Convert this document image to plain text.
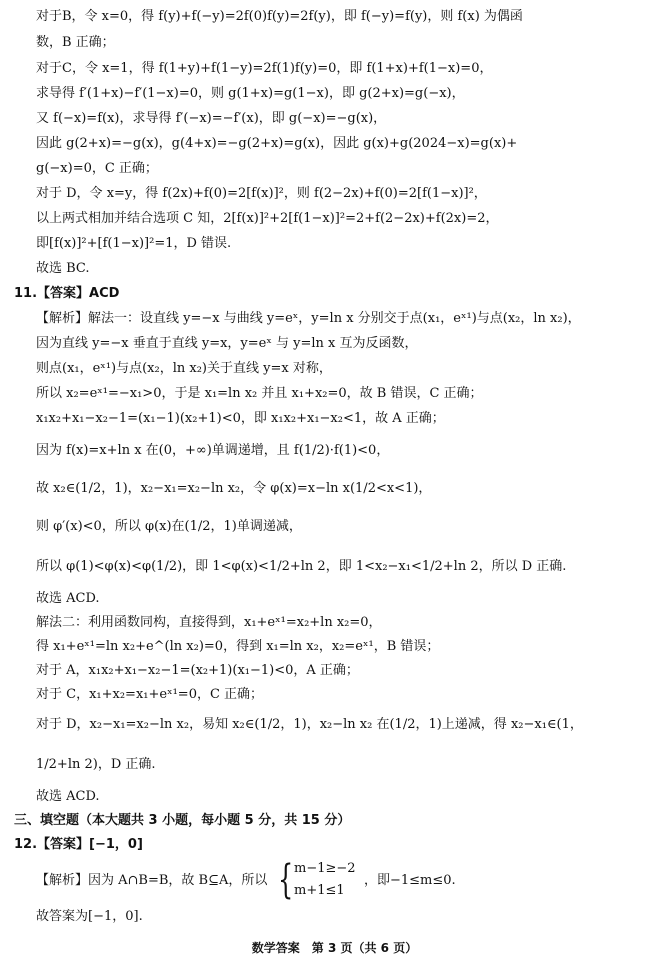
对于B，令 x=0，得 f(y)+f(−y)=2f(0)f(y)=2f(y)，即 f(−y)=f(y)，则 f(x) 为偶函
数，B 正确；
对于C，令 x=1，得 f(1+y)+f(1−y)=2f(1)f(y)=0，即 f(1+x)+f(1−x)=0，
求导得 f′(1+x)−f′(1−x)=0，则 g(1+x)=g(1−x)，即 g(2+x)=g(−x)，
又 f(−x)=f(x)，求导得 f′(−x)=−f′(x)，即 g(−x)=−g(x)，
因此 g(2+x)=−g(x)，g(4+x)=−g(2+x)=g(x)，因此 g(x)+g(2024−x)=g(x)+
g(−x)=0，C 正确；
对于 D，令 x=y，得 f(2x)+f(0)=2[f(x)]²，则 f(2−2x)+f(0)=2[f(1−x)]²，
以上两式相加并结合选项 C 知，2[f(x)]²+2[f(1−x)]²=2+f(2−2x)+f(2x)=2，
即[f(x)]²+[f(1−x)]²=1，D 错误.
故选 BC.
11.【答案】ACD
【解析】解法一：设直线 y=−x 与曲线 y=eˣ，y=ln x 分别交于点(x₁，eˣ¹)与点(x₂，ln x₂)，
因为直线 y=−x 垂直于直线 y=x，y=eˣ 与 y=ln x 互为反函数，
则点(x₁，eˣ¹)与点(x₂，ln x₂)关于直线 y=x 对称，
所以 x₂=eˣ¹=−x₁>0，于是 x₁=ln x₂ 并且 x₁+x₂=0，故 B 错误，C 正确；
x₁x₂+x₁−x₂−1=(x₁−1)(x₂+1)<0，即 x₁x₂+x₁−x₂<1，故 A 正确；
因为 f(x)=x+ln x 在(0，+∞)单调递增，且 f(1/2)·f(1)<0，
故 x₂∈(1/2，1)，x₂−x₁=x₂−ln x₂，令 φ(x)=x−ln x(1/2<x<1)，
则 φ′(x)<0，所以 φ(x)在(1/2，1)单调递减，
所以 φ(1)<φ(x)<φ(1/2)，即 1<φ(x)<1/2+ln 2，即 1<x₂−x₁<1/2+ln 2，所以 D 正确.
故选 ACD.
解法二：利用函数同构，直接得到，x₁+eˣ¹=x₂+ln x₂=0，
得 x₁+eˣ¹=ln x₂+e^(ln x₂)=0，得到 x₁=ln x₂，x₂=eˣ¹，B 错误；
对于 A，x₁x₂+x₁−x₂−1=(x₂+1)(x₁−1)<0，A 正确；
对于 C，x₁+x₂=x₁+eˣ¹=0，C 正确；
对于 D，x₂−x₁=x₂−ln x₂，易知 x₂∈(1/2，1)，x₂−ln x₂ 在(1/2，1)上递减，得 x₂−x₁∈(1，
1/2+ln 2)，D 正确.
故选 ACD.
三、填空题（本大题共 3 小题，每小题 5 分，共 15 分）
12.【答案】[−1，0]
【解析】因为 A∩B=B，故 B⊆A，所以 { m−1≥−2
m+1≤1
，即−1≤m≤0.
故答案为[−1，0].
数学答案　第 3 页（共 6 页）
